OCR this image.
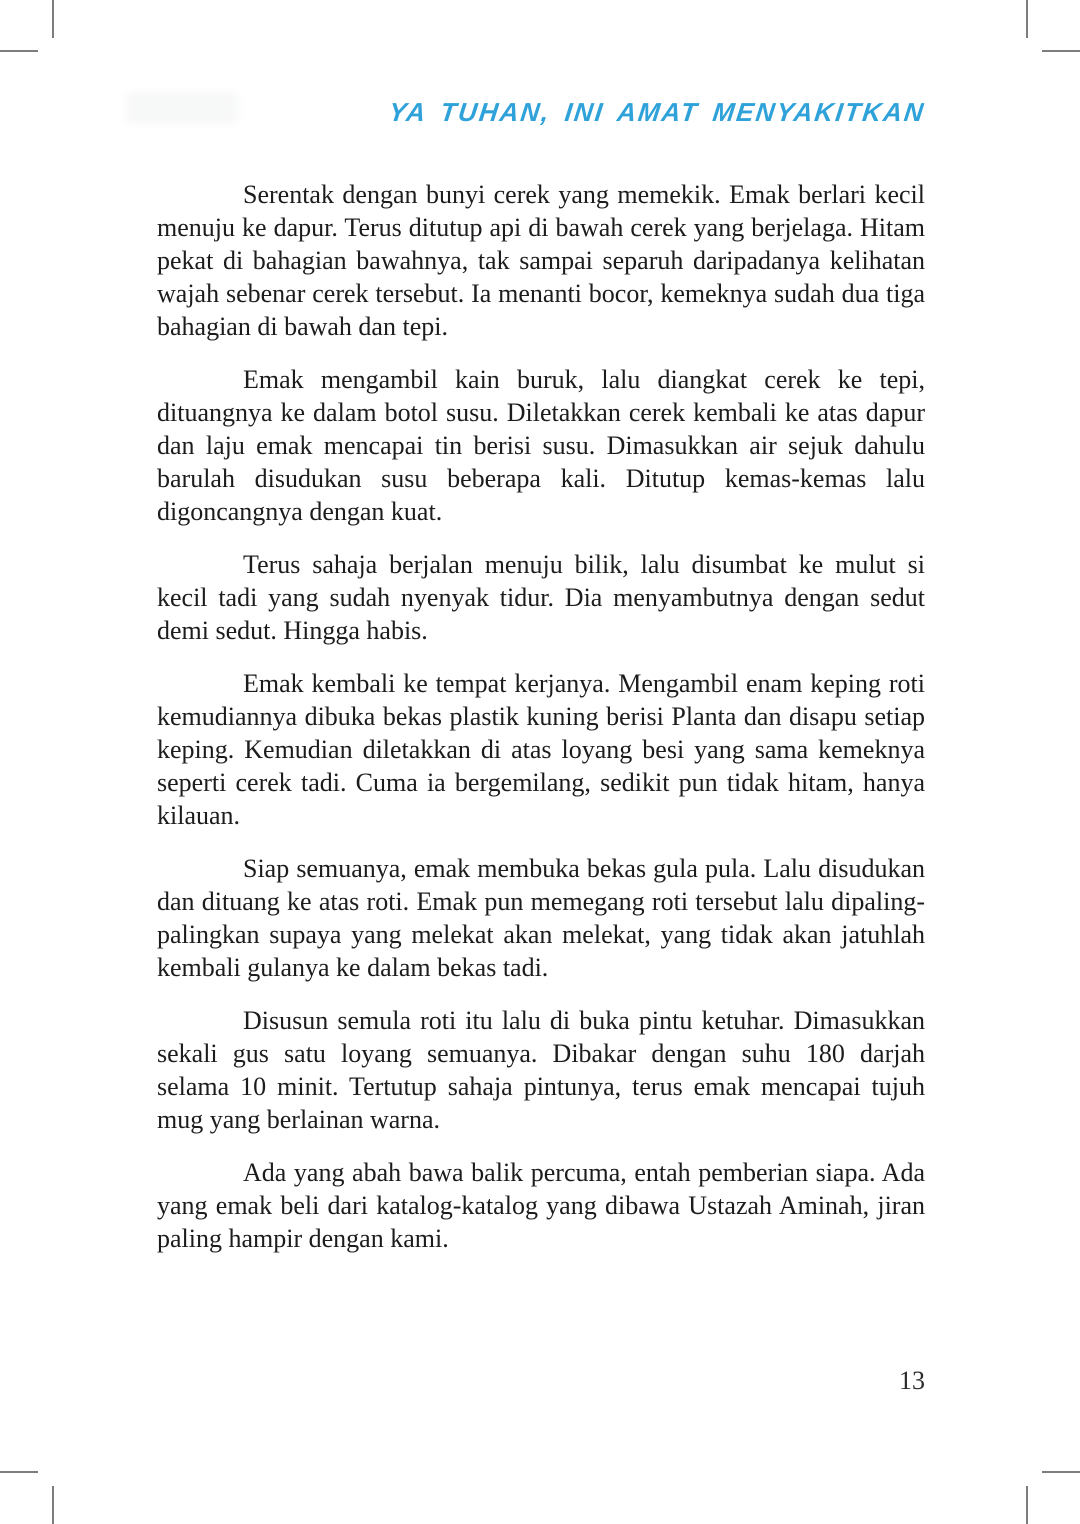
YA TUHAN, INI AMAT MENYAKITKAN

Serentak dengan bunyi cerek yang memekik. Emak berlari kecil menuju ke dapur. Terus ditutup api di bawah cerek yang berjelaga. Hitam pekat di bahagian bawahnya, tak sampai separuh daripadanya kelihatan wajah sebenar cerek tersebut. Ia menanti bocor, kemeknya sudah dua tiga bahagian di bawah dan tepi.

Emak mengambil kain buruk, lalu diangkat cerek ke tepi, dituangnya ke dalam botol susu. Diletakkan cerek kembali ke atas dapur dan laju emak mencapai tin berisi susu. Dimasukkan air sejuk dahulu barulah disudukan susu beberapa kali. Ditutup kemas-kemas lalu digoncangnya dengan kuat.

Terus sahaja berjalan menuju bilik, lalu disumbat ke mulut si kecil tadi yang sudah nyenyak tidur. Dia menyambutnya dengan sedut demi sedut. Hingga habis.

Emak kembali ke tempat kerjanya. Mengambil enam keping roti kemudiannya dibuka bekas plastik kuning berisi Planta dan disapu setiap keping. Kemudian diletakkan di atas loyang besi yang sama kemeknya seperti cerek tadi. Cuma ia bergemilang, sedikit pun tidak hitam, hanya kilauan.

Siap semuanya, emak membuka bekas gula pula. Lalu disudukan dan dituang ke atas roti. Emak pun memegang roti tersebut lalu dipaling-palingkan supaya yang melekat akan melekat, yang tidak akan jatuhlah kembali gulanya ke dalam bekas tadi.

Disusun semula roti itu lalu di buka pintu ketuhar. Dimasukkan sekali gus satu loyang semuanya. Dibakar dengan suhu 180 darjah selama 10 minit. Tertutup sahaja pintunya, terus emak mencapai tujuh mug yang berlainan warna.

Ada yang abah bawa balik percuma, entah pemberian siapa. Ada yang emak beli dari katalog-katalog yang dibawa Ustazah Aminah, jiran paling hampir dengan kami.

13
